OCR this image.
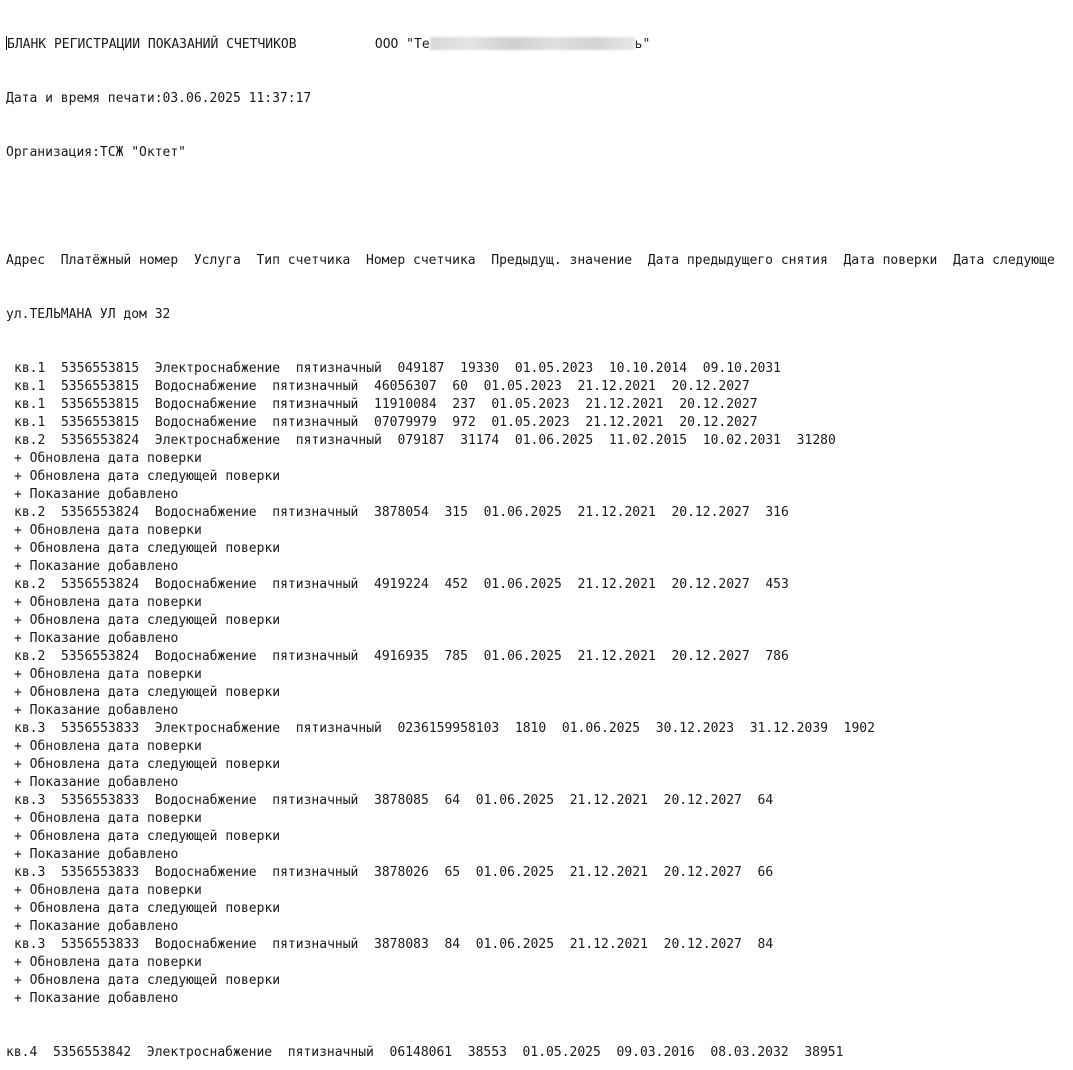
БЛАНК РЕГИСТРАЦИИ ПОКАЗАНИЙ СЧЕТЧИКОВ	ООО "Те	ь"

Дата и время печати:03.06.2025 11:37:17

Организация:ТСЖ "Октет"

Адрес  Платёжный номер  Услуга  Тип счетчика  Номер счетчика  Предыдущ. значение  Дата предыдущего снятия  Дата поверки  Дата следующе

ул.ТЕЛЬМАНА УЛ дом 32

кв.1  5356553815  Электроснабжение  пятизначный  049187  19330  01.05.2023  10.10.2014  09.10.2031
кв.1  5356553815  Водоснабжение  пятизначный  46056307  60  01.05.2023  21.12.2021  20.12.2027
кв.1  5356553815  Водоснабжение  пятизначный  11910084  237  01.05.2023  21.12.2021  20.12.2027
кв.1  5356553815  Водоснабжение  пятизначный  07079979  972  01.05.2023  21.12.2021  20.12.2027
кв.2  5356553824  Электроснабжение  пятизначный  079187  31174  01.06.2025  11.02.2015  10.02.2031  31280
+ Обновлена дата поверки
+ Обновлена дата следующей поверки
+ Показание добавлено
кв.2  5356553824  Водоснабжение  пятизначный  3878054  315  01.06.2025  21.12.2021  20.12.2027  316
+ Обновлена дата поверки
+ Обновлена дата следующей поверки
+ Показание добавлено
кв.2  5356553824  Водоснабжение  пятизначный  4919224  452  01.06.2025  21.12.2021  20.12.2027  453
+ Обновлена дата поверки
+ Обновлена дата следующей поверки
+ Показание добавлено
кв.2  5356553824  Водоснабжение  пятизначный  4916935  785  01.06.2025  21.12.2021  20.12.2027  786
+ Обновлена дата поверки
+ Обновлена дата следующей поверки
+ Показание добавлено
кв.3  5356553833  Электроснабжение  пятизначный  0236159958103  1810  01.06.2025  30.12.2023  31.12.2039  1902
+ Обновлена дата поверки
+ Обновлена дата следующей поверки
+ Показание добавлено
кв.3  5356553833  Водоснабжение  пятизначный  3878085  64  01.06.2025  21.12.2021  20.12.2027  64
+ Обновлена дата поверки
+ Обновлена дата следующей поверки
+ Показание добавлено
кв.3  5356553833  Водоснабжение  пятизначный  3878026  65  01.06.2025  21.12.2021  20.12.2027  66
+ Обновлена дата поверки
+ Обновлена дата следующей поверки
+ Показание добавлено
кв.3  5356553833  Водоснабжение  пятизначный  3878083  84  01.06.2025  21.12.2021  20.12.2027  84
+ Обновлена дата поверки
+ Обновлена дата следующей поверки
+ Показание добавлено

кв.4  5356553842  Электроснабжение  пятизначный  06148061  38553  01.05.2025  09.03.2016  08.03.2032  38951
